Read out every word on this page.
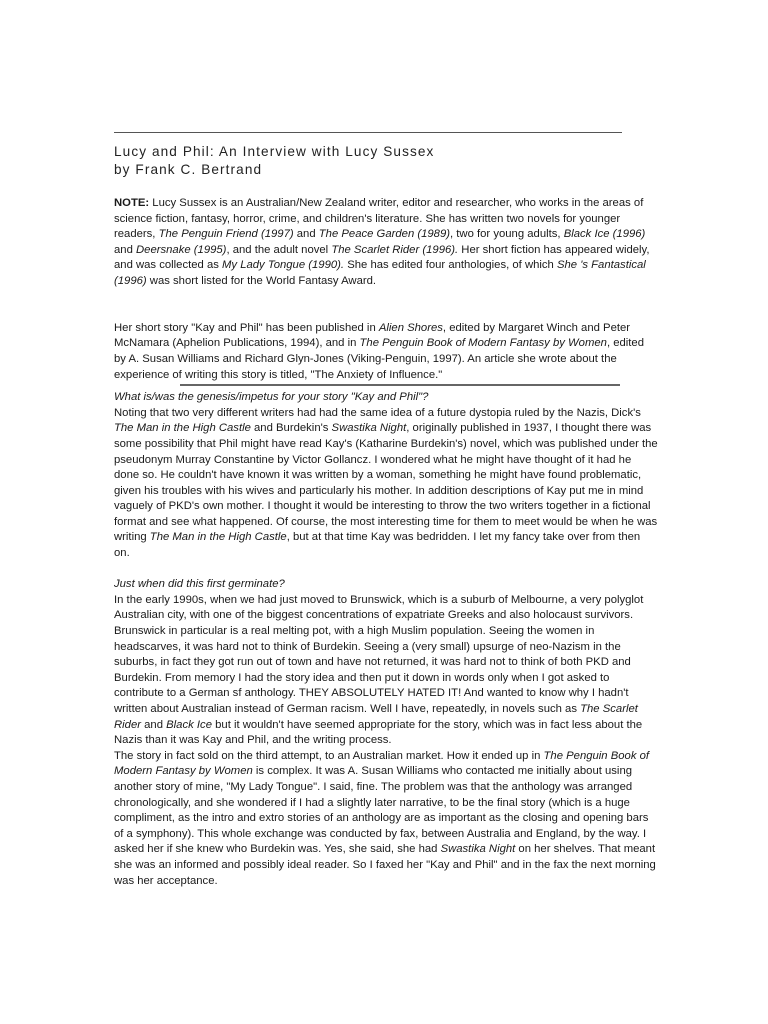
Lucy and Phil: An Interview with Lucy Sussex
by Frank C. Bertrand

NOTE: Lucy Sussex is an Australian/New Zealand writer, editor and researcher, who works in the areas of science fiction, fantasy, horror, crime, and children's literature. She has written two novels for younger readers, The Penguin Friend (1997) and The Peace Garden (1989), two for young adults, Black Ice (1996) and Deersnake (1995), and the adult novel The Scarlet Rider (1996). Her short fiction has appeared widely, and was collected as My Lady Tongue (1990). She has edited four anthologies, of which She 's Fantastical (1996) was short listed for the World Fantasy Award.

Her short story "Kay and Phil" has been published in Alien Shores, edited by Margaret Winch and Peter McNamara (Aphelion Publications, 1994), and in The Penguin Book of Modern Fantasy by Women, edited by A. Susan Williams and Richard Glyn-Jones (Viking-Penguin, 1997). An article she wrote about the experience of writing this story is titled, "The Anxiety of Influence."

What is/was the genesis/impetus for your story "Kay and Phil"?

Noting that two very different writers had had the same idea of a future dystopia ruled by the Nazis, Dick's The Man in the High Castle and Burdekin's Swastika Night, originally published in 1937, I thought there was some possibility that Phil might have read Kay's (Katharine Burdekin's) novel, which was published under the pseudonym Murray Constantine by Victor Gollancz. I wondered what he might have thought of it had he done so. He couldn't have known it was written by a woman, something he might have found problematic, given his troubles with his wives and particularly his mother. In addition descriptions of Kay put me in mind vaguely of PKD's own mother. I thought it would be interesting to throw the two writers together in a fictional format and see what happened. Of course, the most interesting time for them to meet would be when he was writing The Man in the High Castle, but at that time Kay was bedridden. I let my fancy take over from then on.

Just when did this first germinate?

In the early 1990s, when we had just moved to Brunswick, which is a suburb of Melbourne, a very polyglot Australian city, with one of the biggest concentrations of expatriate Greeks and also holocaust survivors. Brunswick in particular is a real melting pot, with a high Muslim population. Seeing the women in headscarves, it was hard not to think of Burdekin. Seeing a (very small) upsurge of neo-Nazism in the suburbs, in fact they got run out of town and have not returned, it was hard not to think of both PKD and Burdekin. From memory I had the story idea and then put it down in words only when I got asked to contribute to a German sf anthology. THEY ABSOLUTELY HATED IT! And wanted to know why I hadn't written about Australian instead of German racism. Well I have, repeatedly, in novels such as The Scarlet Rider and Black Ice but it wouldn't have seemed appropriate for the story, which was in fact less about the Nazis than it was Kay and Phil, and the writing process.

The story in fact sold on the third attempt, to an Australian market. How it ended up in The Penguin Book of Modern Fantasy by Women is complex. It was A. Susan Williams who contacted me initially about using another story of mine, "My Lady Tongue". I said, fine. The problem was that the anthology was arranged chronologically, and she wondered if I had a slightly later narrative, to be the final story (which is a huge compliment, as the intro and extro stories of an anthology are as important as the closing and opening bars of a symphony). This whole exchange was conducted by fax, between Australia and England, by the way. I asked her if she knew who Burdekin was. Yes, she said, she had Swastika Night on her shelves. That meant she was an informed and possibly ideal reader. So I faxed her "Kay and Phil" and in the fax the next morning was her acceptance.
